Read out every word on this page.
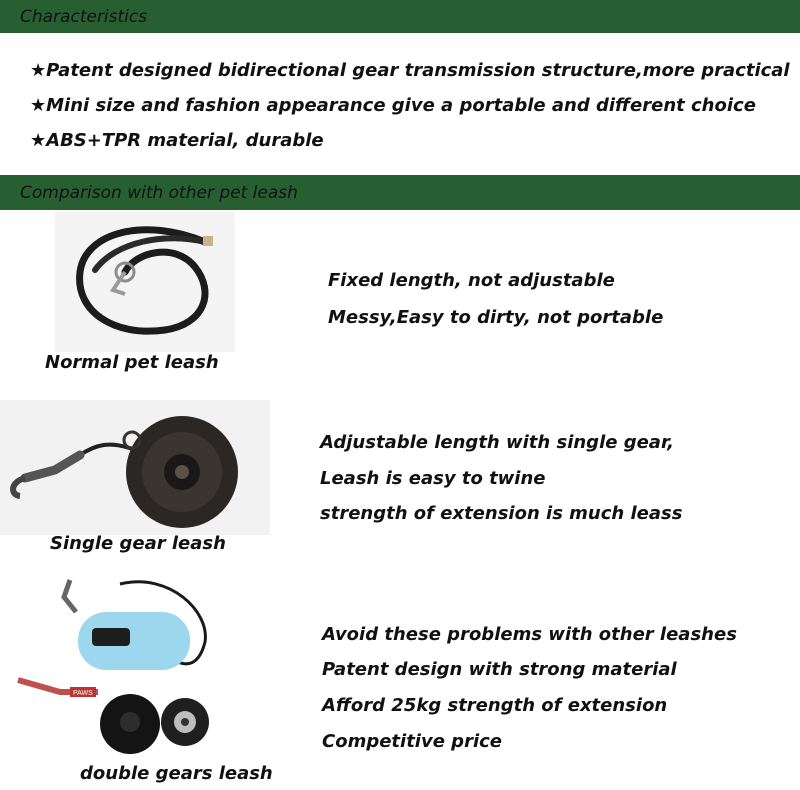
Characteristics
★Patent designed bidirectional gear transmission structure,more practical
★Mini size and fashion appearance give a portable and different choice
★ABS+TPR material, durable
Comparison with other pet leash
Normal pet leash
Fixed length, not adjustable
Messy,Easy to dirty, not portable
Single gear leash
Adjustable length with single gear,
Leash is easy to twine
strength of extension is much leass
PAWS
double gears leash
Avoid these problems with other leashes
Patent design with strong material
Afford 25kg strength of extension
Competitive price
